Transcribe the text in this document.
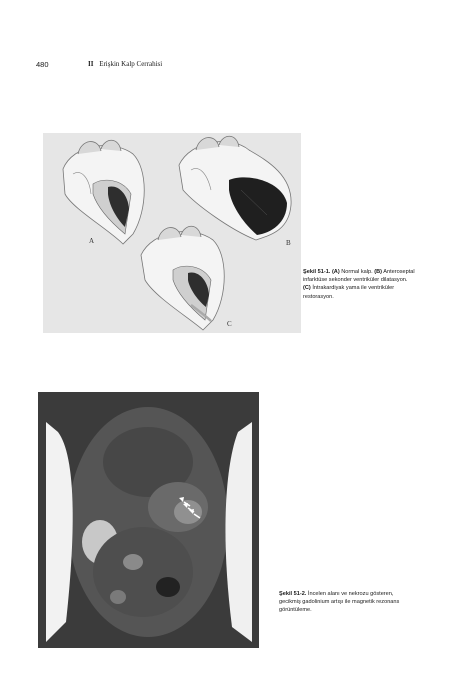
480	II Erişkin Kalp Cerrahisi
A	B
C
Şekil 51-1. (A) Normal kalp. (B) Anteroseptal infarktüse sekonder ventriküler dilatasyon. (C) İntrakardiyak yama ile ventriküler restorasyon.
Şekil 51-2. İncelen alanı ve nekrozu gösteren, gecikmiş gadolinium artışı ile magnetik rezonans görüntüleme.
